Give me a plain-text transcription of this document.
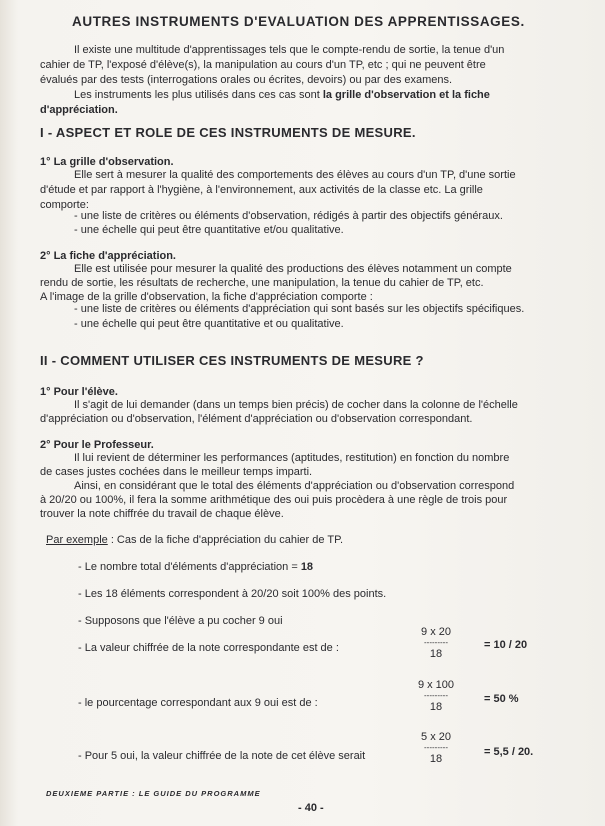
AUTRES INSTRUMENTS D'EVALUATION DES APPRENTISSAGES.
Il existe une multitude d'apprentissages tels que le compte-rendu de sortie, la tenue d'un
cahier de TP, l'exposé d'élève(s), la manipulation au cours d'un TP, etc ; qui ne peuvent être
évalués par des tests (interrogations orales ou écrites, devoirs) ou par des examens.
Les instruments les plus utilisés dans ces cas sont la grille d'observation et la fiche
d'appréciation.
I - ASPECT ET ROLE DE CES INSTRUMENTS DE MESURE.
1° La grille d'observation.
Elle sert à mesurer la qualité des comportements des élèves au cours d'un TP, d'une sortie
d'étude et par rapport à l'hygiène, à l'environnement, aux activités de la classe etc. La grille
comporte:
- une liste de critères ou éléments d'observation, rédigés à partir des objectifs généraux.
- une échelle qui peut être quantitative et/ou qualitative.
2° La fiche d'appréciation.
Elle est utilisée pour mesurer la qualité des productions des élèves notamment un compte
rendu de sortie, les résultats de recherche, une manipulation, la tenue du cahier de TP, etc.
A l'image de la grille d'observation, la fiche d'appréciation comporte :
- une liste de critères ou éléments d'appréciation qui sont basés sur les objectifs spécifiques.
- une échelle qui peut être quantitative et ou qualitative.
II - COMMENT UTILISER CES INSTRUMENTS DE MESURE ?
1° Pour l'élève.
Il s'agit de lui demander (dans un temps bien précis) de cocher dans la colonne de l'échelle
d'appréciation ou d'observation, l'élément d'appréciation ou d'observation correspondant.
2° Pour le Professeur.
Il lui revient de déterminer les performances (aptitudes, restitution) en fonction du nombre
de cases justes cochées dans le meilleur temps imparti.
Ainsi, en considérant que le total des éléments d'appréciation ou d'observation correspond
à 20/20 ou 100%, il fera la somme arithmétique des oui puis procèdera à une règle de trois pour
trouver la note chiffrée du travail de chaque élève.
Par exemple : Cas de la fiche d'appréciation du cahier de TP.
- Le nombre total d'éléments d'appréciation = 18
- Les 18 éléments correspondent à 20/20 soit 100% des points.
- Supposons que l'élève a pu cocher 9 oui
- La valeur chiffrée de la note correspondante est de :
9 x 20
---------
18
= 10 / 20
- le pourcentage correspondant aux 9 oui est de :
9 x 100
---------
18
= 50 %
- Pour 5 oui, la valeur chiffrée de la note de cet élève serait
5 x 20
---------
18
= 5,5 / 20.
DEUXIEME PARTIE : LE GUIDE DU PROGRAMME
- 40 -
